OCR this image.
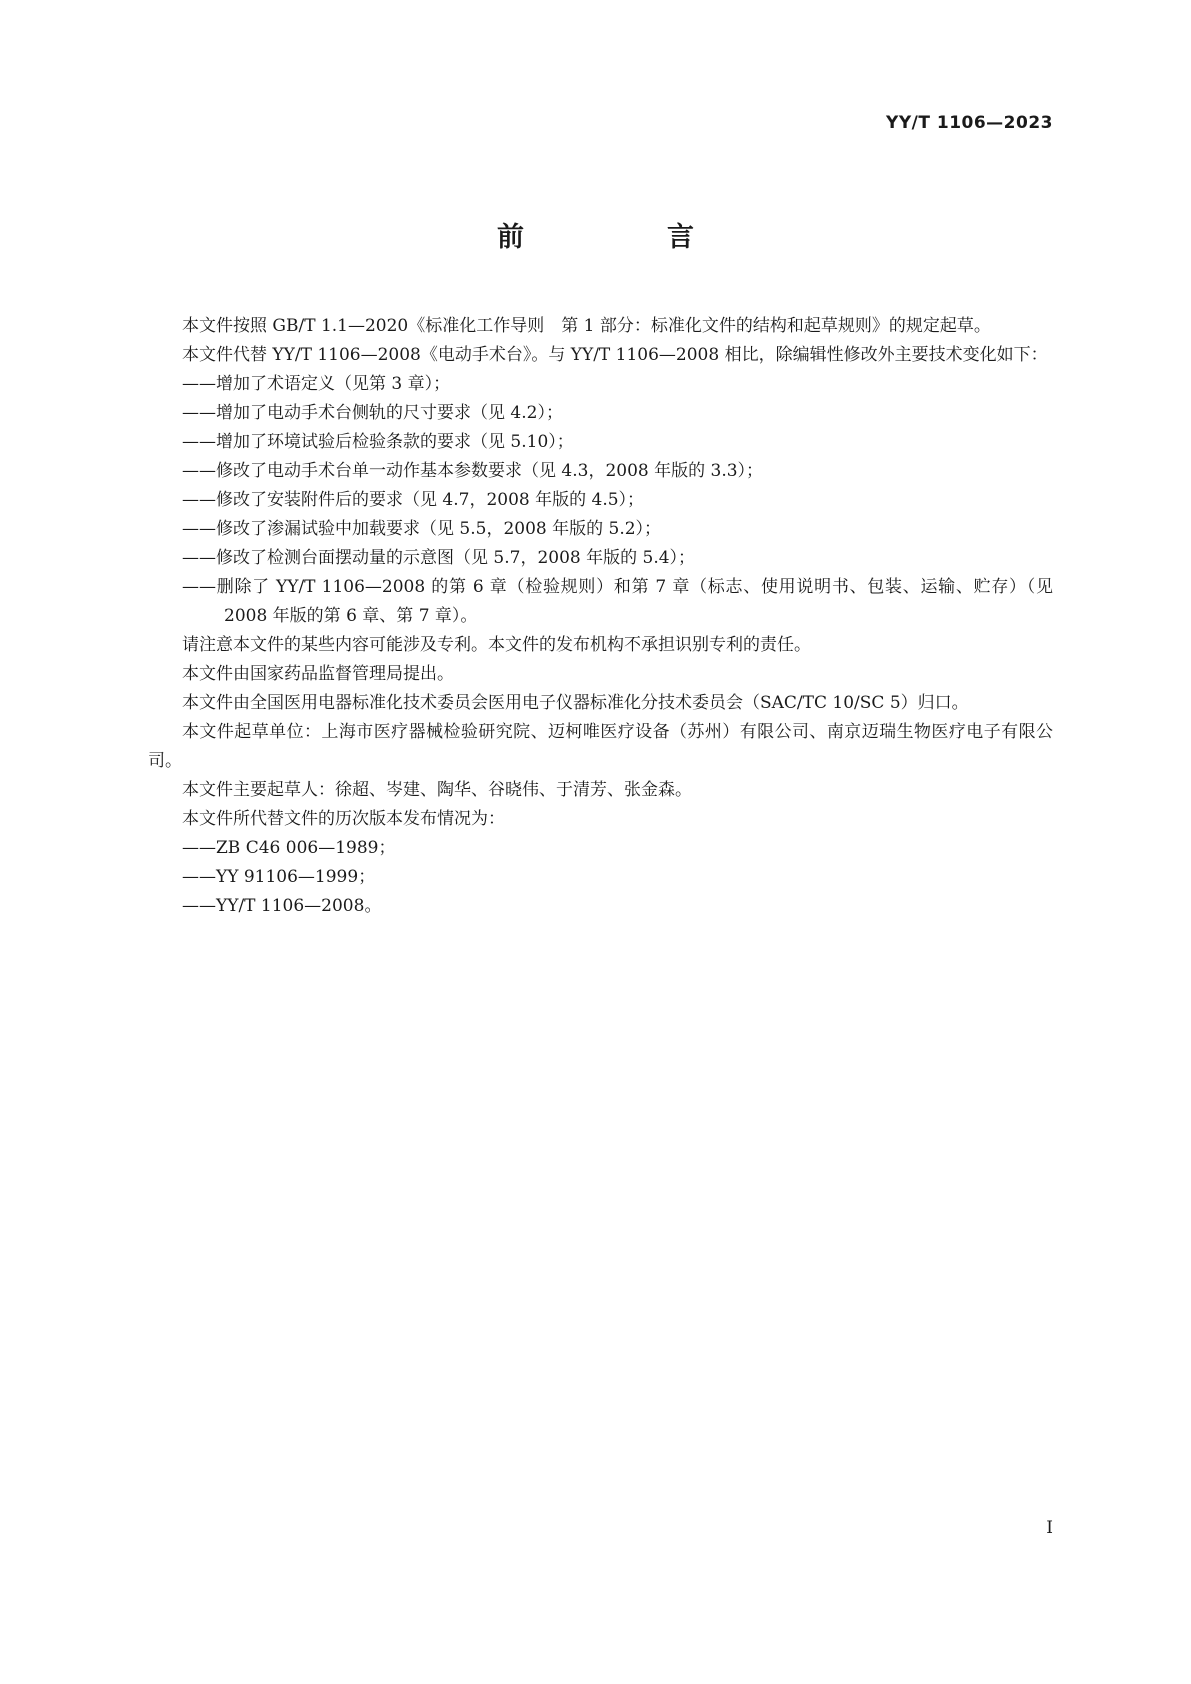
YY/T 1106—2023
前　言

本文件按照 GB/T 1.1—2020《标准化工作导则　第 1 部分：标准化文件的结构和起草规则》的规定起草。

本文件代替 YY/T 1106—2008《电动手术台》。与 YY/T 1106—2008 相比，除编辑性修改外主要技术变化如下：

——增加了术语定义（见第 3 章）；

——增加了电动手术台侧轨的尺寸要求（见 4.2）；

——增加了环境试验后检验条款的要求（见 5.10）；

——修改了电动手术台单一动作基本参数要求（见 4.3，2008 年版的 3.3）；

——修改了安装附件后的要求（见 4.7，2008 年版的 4.5）；

——修改了渗漏试验中加载要求（见 5.5，2008 年版的 5.2）；

——修改了检测台面摆动量的示意图（见 5.7，2008 年版的 5.4）；

——删除了 YY/T 1106—2008 的第 6 章（检验规则）和第 7 章（标志、使用说明书、包装、运输、贮存）（见 2008 年版的第 6 章、第 7 章）。

请注意本文件的某些内容可能涉及专利。本文件的发布机构不承担识别专利的责任。

本文件由国家药品监督管理局提出。

本文件由全国医用电器标准化技术委员会医用电子仪器标准化分技术委员会（SAC/TC 10/SC 5）归口。

本文件起草单位：上海市医疗器械检验研究院、迈柯唯医疗设备（苏州）有限公司、南京迈瑞生物医疗电子有限公司。

本文件主要起草人：徐超、岑建、陶华、谷晓伟、于清芳、张金森。

本文件所代替文件的历次版本发布情况为：

——ZB C46 006—1989；

——YY 91106—1999；

——YY/T 1106—2008。

I
